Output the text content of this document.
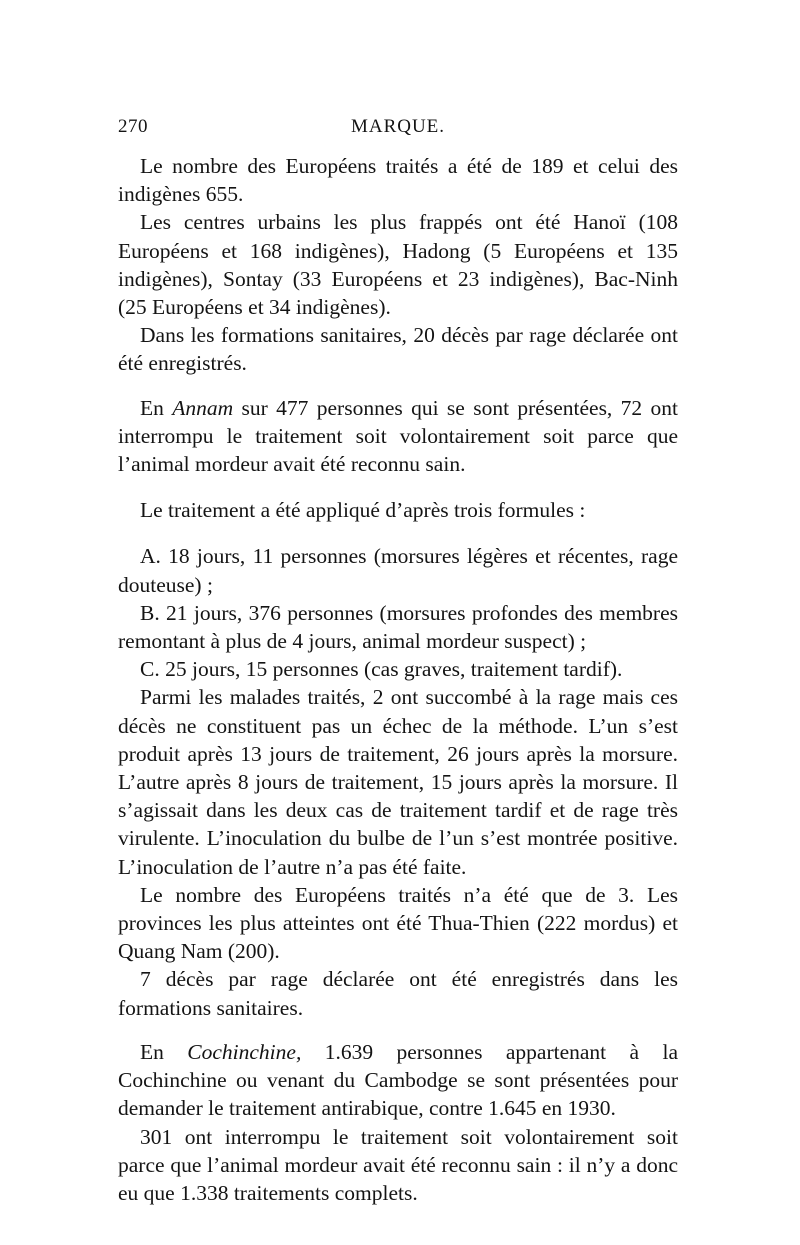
270	MARQUE.

Le nombre des Européens traités a été de 189 et celui des indigènes 655.

Les centres urbains les plus frappés ont été Hanoï (108 Européens et 168 indigènes), Hadong (5 Européens et 135 indigènes), Sontay (33 Européens et 23 indigènes), Bac-Ninh (25 Européens et 34 indigènes).

Dans les formations sanitaires, 20 décès par rage déclarée ont été enregistrés.

En Annam sur 477 personnes qui se sont présentées, 72 ont interrompu le traitement soit volontairement soit parce que l’animal mordeur avait été reconnu sain.

Le traitement a été appliqué d’après trois formules :

A. 18 jours, 11 personnes (morsures légères et récentes, rage douteuse) ;

B. 21 jours, 376 personnes (morsures profondes des membres remontant à plus de 4 jours, animal mordeur suspect) ;

C. 25 jours, 15 personnes (cas graves, traitement tardif).

Parmi les malades traités, 2 ont succombé à la rage mais ces décès ne constituent pas un échec de la méthode. L’un s’est produit après 13 jours de traitement, 26 jours après la morsure. L’autre après 8 jours de traitement, 15 jours après la morsure. Il s’agissait dans les deux cas de traitement tardif et de rage très virulente. L’inoculation du bulbe de l’un s’est montrée positive. L’inoculation de l’autre n’a pas été faite.

Le nombre des Européens traités n’a été que de 3. Les provinces les plus atteintes ont été Thua-Thien (222 mordus) et Quang Nam (200).

7 décès par rage déclarée ont été enregistrés dans les formations sanitaires.

En Cochinchine, 1.639 personnes appartenant à la Cochinchine ou venant du Cambodge se sont présentées pour demander le traitement antirabique, contre 1.645 en 1930.

301 ont interrompu le traitement soit volontairement soit parce que l’animal mordeur avait été reconnu sain : il n’y a donc eu que 1.338 traitements complets.
